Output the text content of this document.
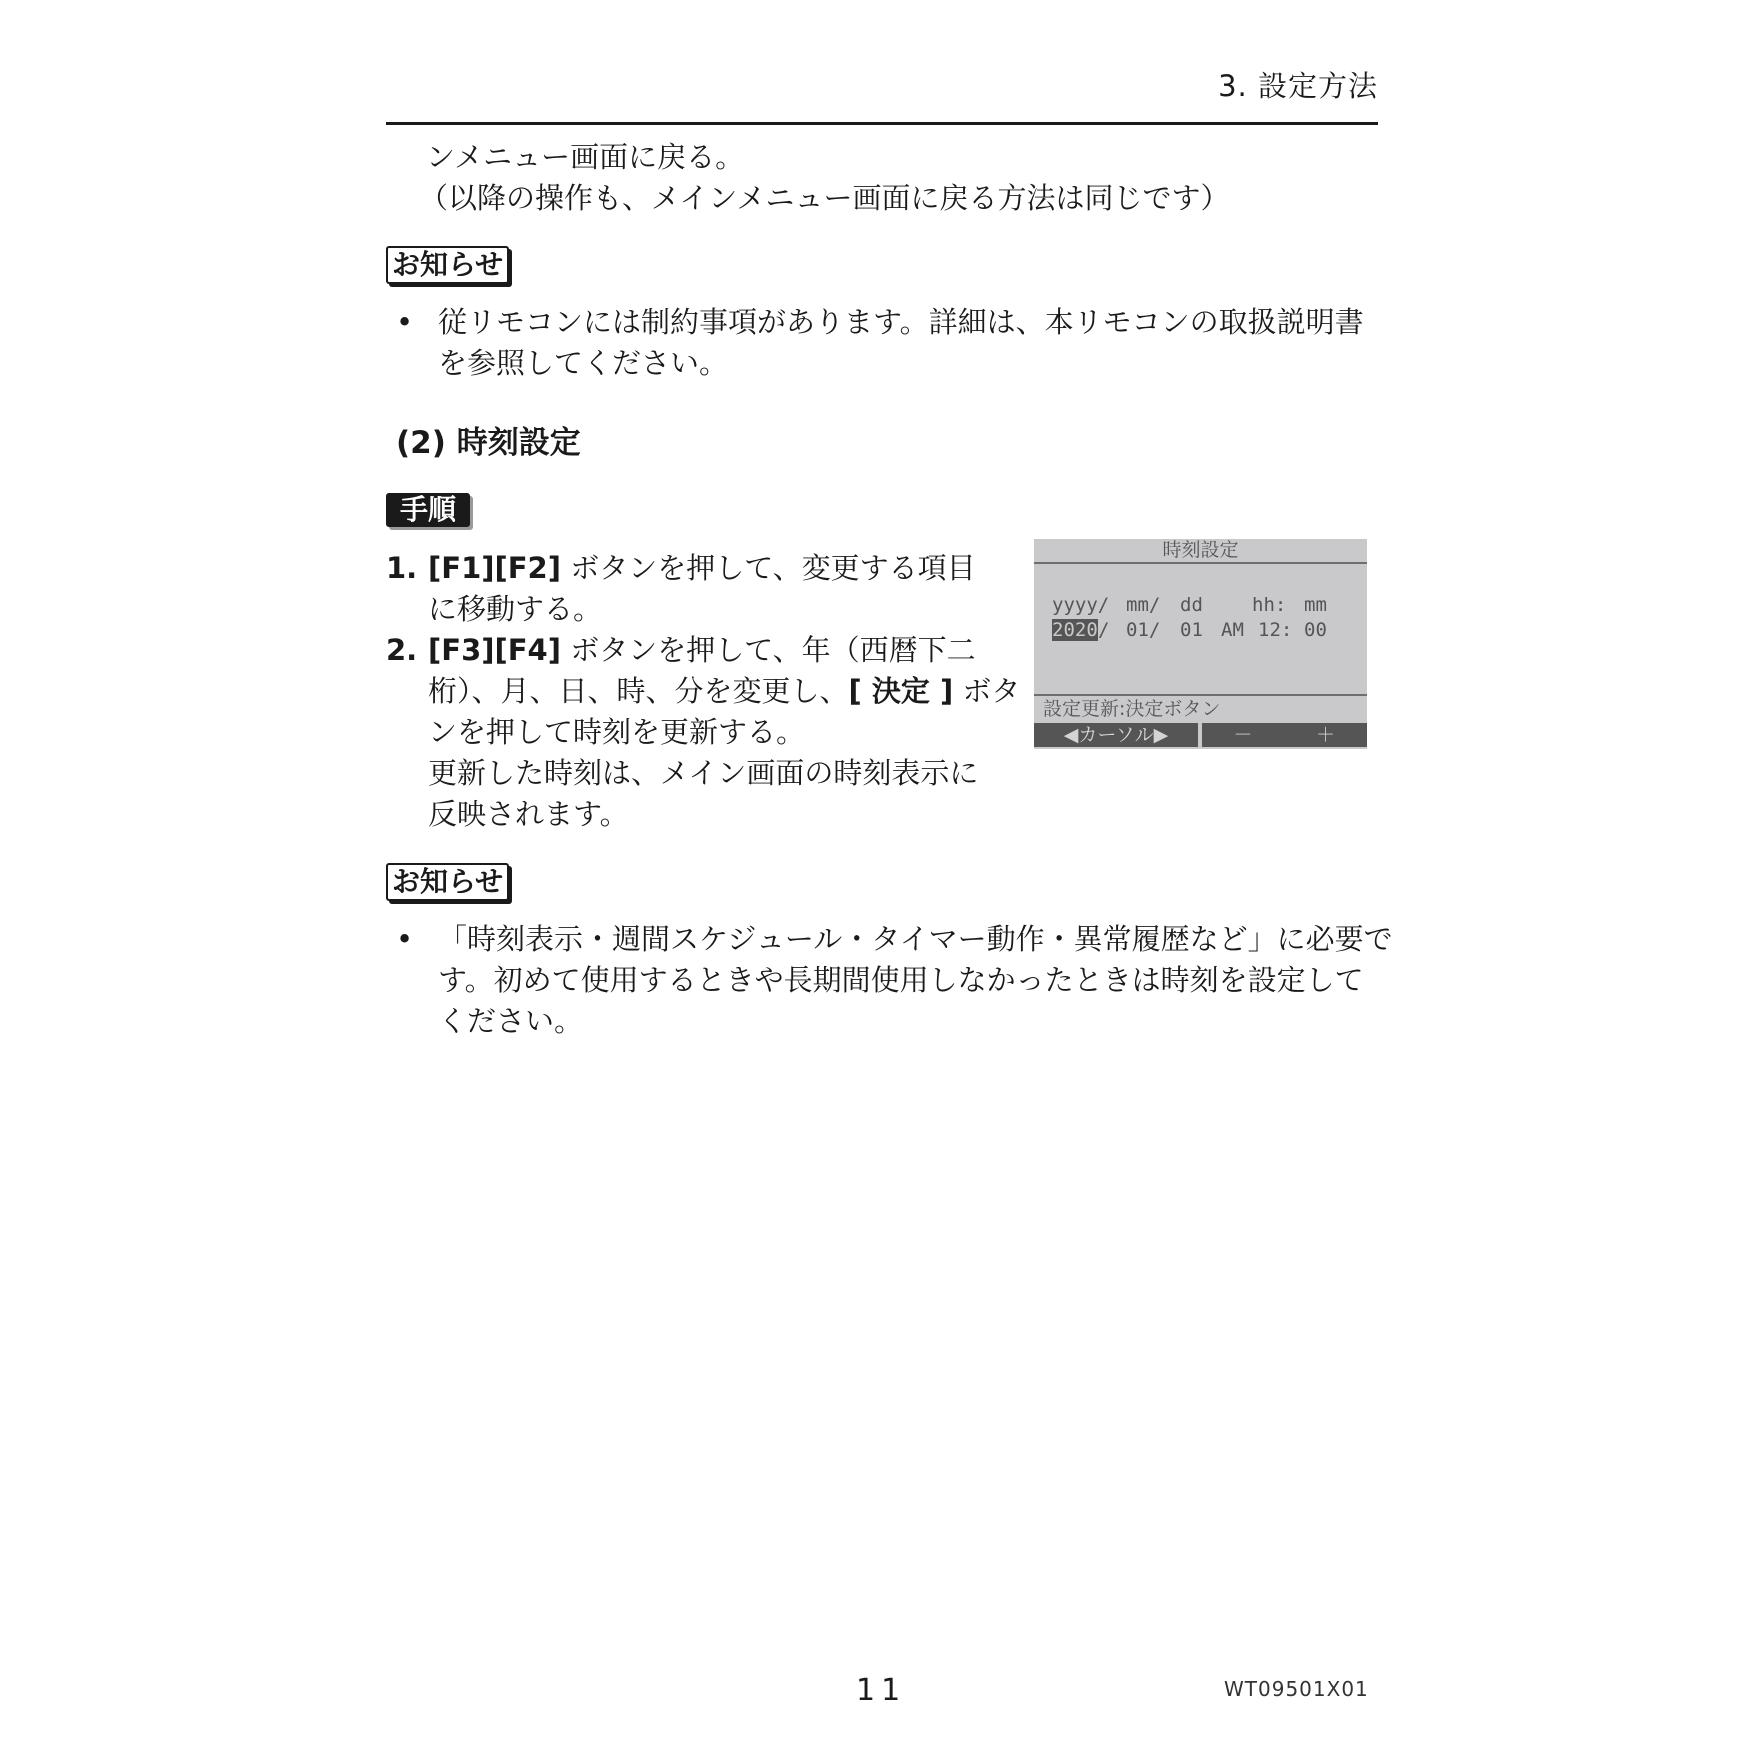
3. 設定方法
ンメニュー画面に戻る。
（以降の操作も、メインメニュー画面に戻る方法は同じです）
お知らせ
• 従リモコンには制約事項があります。詳細は、本リモコンの取扱説明書
を参照してください。
(2) 時刻設定
手順
1. [F1][F2] ボタンを押して、変更する項目
に移動する。
2. [F3][F4] ボタンを押して、年（西暦下二
桁）、月、日、時、分を変更し、[ 決定 ] ボタ
ンを押して時刻を更新する。
更新した時刻は、メイン画面の時刻表示に
反映されます。
時刻設定
yyyy/ mm/ dd	hh: mm
2020 / 01/ 01 AM 12: 00
設定更新:決定ボタン
◀カーソル▶	－	＋
お知らせ
• 「時刻表示・週間スケジュール・タイマー動作・異常履歴など」に必要で
す。初めて使用するときや長期間使用しなかったときは時刻を設定して
ください。
11	WT09501X01
